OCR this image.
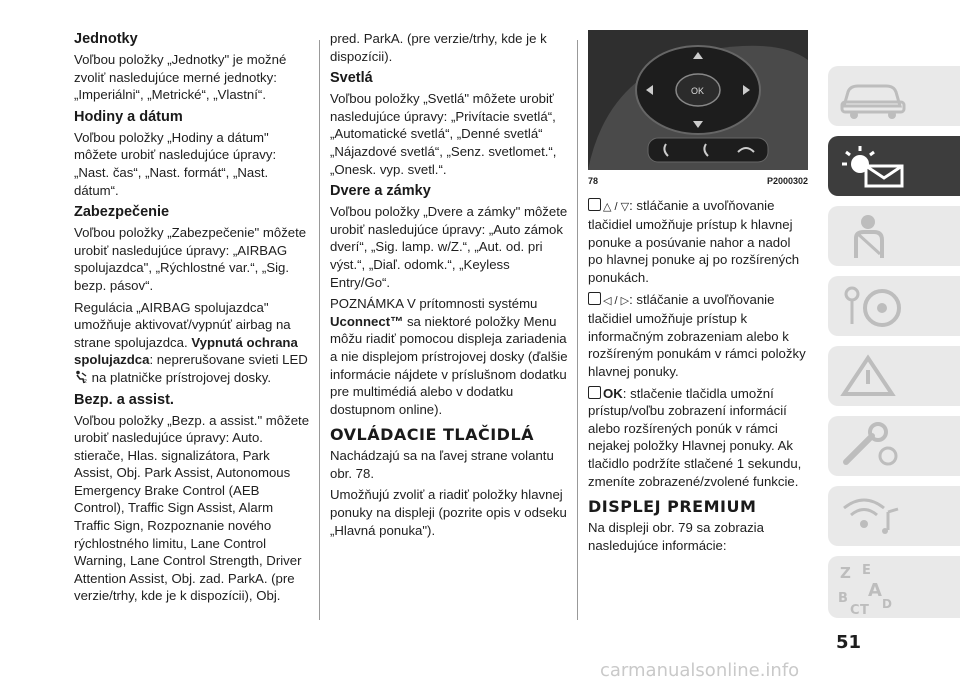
Jednotky

Voľbou položky „Jednotky" je možné zvoliť nasledujúce merné jednotky: „Imperiálni“, „Metrické“, „Vlastní“.

Hodiny a dátum

Voľbou položky „Hodiny a dátum" môžete urobiť nasledujúce úpravy: „Nast. čas“, „Nast. formát“, „Nast. dátum“.

Zabezpečenie

Voľbou položky „Zabezpečenie" môžete urobiť nasledujúce úpravy: „AIRBAG spolujazdca", „Rýchlostné var.“, „Sig. bezp. pásov“.

Regulácia „AIRBAG spolujazdca" umožňuje aktivovať/vypnúť airbag na strane spolujazdca. Vypnutá ochrana spolujazdca: neprerušovane svieti LED
2 na platničke prístrojovej dosky.

Bezp. a assist.

Voľbou položky „Bezp. a assist." môžete urobiť nasledujúce úpravy: Auto. stierače, Hlas. signalizátora, Park Assist, Obj. Park Assist, Autonomous Emergency Brake Control (AEB Control), Traffic Sign Assist, Alarm Traffic Sign, Rozpoznanie nového rýchlostného limitu, Lane Control Warning, Lane Control Strength, Driver Attention Assist, Obj. zad. ParkA. (pre verzie/trhy, kde je k dispozícii), Obj.

pred. ParkA. (pre verzie/trhy, kde je k dispozícii).

Svetlá

Voľbou položky „Svetlá" môžete urobiť nasledujúce úpravy: „Privítacie svetlá“, „Automatické svetlá“, „Denné svetlá“ „Nájazdové svetlá“, „Senz. svetlomet.“, „Onesk. vyp. svetl.“.

Dvere a zámky

Voľbou položky „Dvere a zámky" môžete urobiť nasledujúce úpravy: „Auto zámok dverí“, „Sig. lamp. w/Z.“, „Aut. od. pri výst.“, „Diaľ. odomk.“, „Keyless Entry/Go“.

POZNÁMKA V prítomnosti systému Uconnect™ sa niektoré položky Menu môžu riadiť pomocou displeja zariadenia a nie displejom prístrojovej dosky (ďalšie informácie nájdete v príslušnom dodatku pre multimédiá alebo v dodatku dostupnom online).

OVLÁDACIE TLAČIDLÁ

Nachádzajú sa na ľavej strane volantu obr. 78.

Umožňujú zvoliť a riadiť položky hlavnej ponuky na displeji (pozrite opis v odseku „Hlavná ponuka").

OK
78	P2000302

△ / ▽: stláčanie a uvoľňovanie tlačidiel umožňuje prístup k hlavnej ponuke a posúvanie nahor a nadol po hlavnej ponuke aj po rozšírených ponukách.

◁ / ▷: stláčanie a uvoľňovanie tlačidiel umožňuje prístup k informačným zobrazeniam alebo k rozšíreným ponukám v rámci položky hlavnej ponuky.

OK: stlačenie tlačidla umožní prístup/voľbu zobrazení informácií alebo rozšírených ponúk v rámci nejakej položky Hlavnej ponuky. Ak tlačidlo podržíte stlačené 1 sekundu, zmeníte zobrazené/zvolené funkcie.

DISPLEJ PREMIUM

Na displeji obr. 79 sa zobrazia nasledujúce informácie:

Z E
B A
C T D
51
carmanualsonline.info
